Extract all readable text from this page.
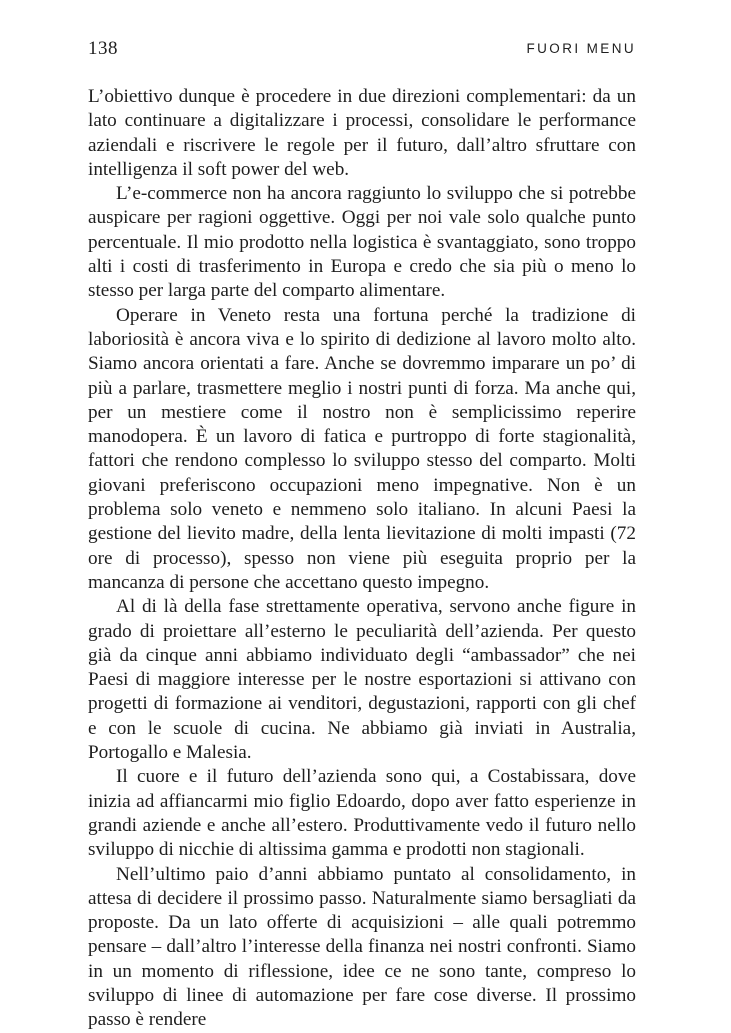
138	FUORI MENU

L’obiettivo dunque è procedere in due direzioni complementari: da un lato continuare a digitalizzare i processi, consolidare le performance aziendali e riscrivere le regole per il futuro, dall’altro sfruttare con intelligenza il soft power del web.

L’e-commerce non ha ancora raggiunto lo sviluppo che si potrebbe auspicare per ragioni oggettive. Oggi per noi vale solo qualche punto percentuale. Il mio prodotto nella logistica è svantaggiato, sono troppo alti i costi di trasferimento in Europa e credo che sia più o meno lo stesso per larga parte del comparto alimentare.

Operare in Veneto resta una fortuna perché la tradizione di laboriosità è ancora viva e lo spirito di dedizione al lavoro molto alto. Siamo ancora orientati a fare. Anche se dovremmo imparare un po’ di più a parlare, trasmettere meglio i nostri punti di forza. Ma anche qui, per un mestiere come il nostro non è semplicissimo reperire manodopera. È un lavoro di fatica e purtroppo di forte stagionalità, fattori che rendono complesso lo sviluppo stesso del comparto. Molti giovani preferiscono occupazioni meno impegnative. Non è un problema solo veneto e nemmeno solo italiano. In alcuni Paesi la gestione del lievito madre, della lenta lievitazione di molti impasti (72 ore di processo), spesso non viene più eseguita proprio per la mancanza di persone che accettano questo impegno.

Al di là della fase strettamente operativa, servono anche figure in grado di proiettare all’esterno le peculiarità dell’azienda. Per questo già da cinque anni abbiamo individuato degli “ambassador” che nei Paesi di maggiore interesse per le nostre esportazioni si attivano con progetti di formazione ai venditori, degustazioni, rapporti con gli chef e con le scuole di cucina. Ne abbiamo già inviati in Australia, Portogallo e Malesia.

Il cuore e il futuro dell’azienda sono qui, a Costabissara, dove inizia ad affiancarmi mio figlio Edoardo, dopo aver fatto esperienze in grandi aziende e anche all’estero. Produttivamente vedo il futuro nello sviluppo di nicchie di altissima gamma e prodotti non stagionali.

Nell’ultimo paio d’anni abbiamo puntato al consolidamento, in attesa di decidere il prossimo passo. Naturalmente siamo bersagliati da proposte. Da un lato offerte di acquisizioni – alle quali potremmo pensare – dall’altro l’interesse della finanza nei nostri confronti. Siamo in un momento di riflessione, idee ce ne sono tante, compreso lo sviluppo di linee di automazione per fare cose diverse. Il prossimo passo è rendere
